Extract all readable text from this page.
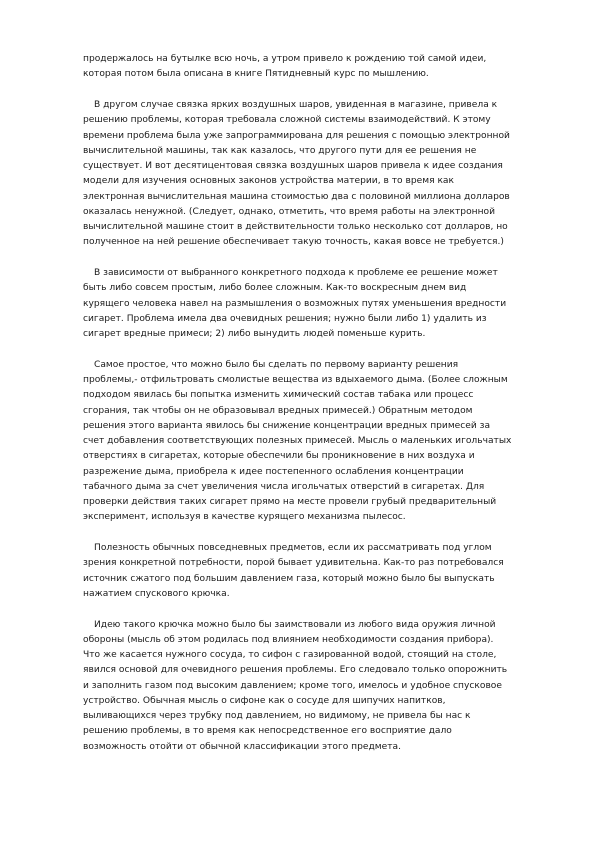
продержалось на бутылке всю ночь, а утром привело к рождению той самой идеи, которая потом была описана в книге Пятидневный курс по мышлению.

В другом случае связка ярких воздушных шаров, увиденная в магазине, привела к решению проблемы, которая требовала сложной системы взаимодействий. К этому времени проблема была уже запрограммирована для решения с помощью электронной вычислительной машины, так как казалось, что другого пути для ее решения не существует. И вот десятицентовая связка воздушных шаров привела к идее создания модели для изучения основных законов устройства материи, в то время как электронная вычислительная машина стоимостью два с половиной миллиона долларов оказалась ненужной. (Следует, однако, отметить, что время работы на электронной вычислительной машине стоит в действительности только несколько сот долларов, но полученное на ней решение обеспечивает такую точность, какая вовсе не требуется.)

В зависимости от выбранного конкретного подхода к проблеме ее решение может быть либо совсем простым, либо более сложным. Как-то воскресным днем вид курящего человека навел на размышления о возможных путях уменьшения вредности сигарет. Проблема имела два очевидных решения; нужно были либо 1) удалить из сигарет вредные примеси; 2) либо вынудить людей поменьше курить.

Самое простое, что можно было бы сделать по первому варианту решения проблемы,- отфильтровать смолистые вещества из вдыхаемого дыма. (Более сложным подходом явилась бы попытка изменить химический состав табака или процесс сгорания, так чтобы он не образовывал вредных примесей.) Обратным методом решения этого варианта явилось бы снижение концентрации вредных примесей за счет добавления соответствующих полезных примесей. Мысль о маленьких игольчатых отверстиях в сигаретах, которые обеспечили бы проникновение в них воздуха и разрежение дыма, приобрела к идее постепенного ослабления концентрации табачного дыма за счет увеличения числа игольчатых отверстий в сигаретах. Для проверки действия таких сигарет прямо на месте провели грубый предварительный эксперимент, используя в качестве курящего механизма пылесос.

Полезность обычных повседневных предметов, если их рассматривать под углом зрения конкретной потребности, порой бывает удивительна. Как-то раз потребовался источник сжатого под большим давлением газа, который можно было бы выпускать нажатием спускового крючка.

Идею такого крючка можно было бы заимствовали из любого вида оружия личной обороны (мысль об этом родилась под влиянием необходимости создания прибора). Что же касается нужного сосуда, то сифон с газированной водой, стоящий на столе, явился основой для очевидного решения проблемы. Его следовало только опорожнить и заполнить газом под высоким давлением; кроме того, имелось и удобное спусковое устройство. Обычная мысль о сифоне как о сосуде для шипучих напитков, выливающихся через трубку под давлением, но видимому, не привела бы нас к решению проблемы, в то время как непосредственное его восприятие дало возможность отойти от обычной классификации этого предмета.
